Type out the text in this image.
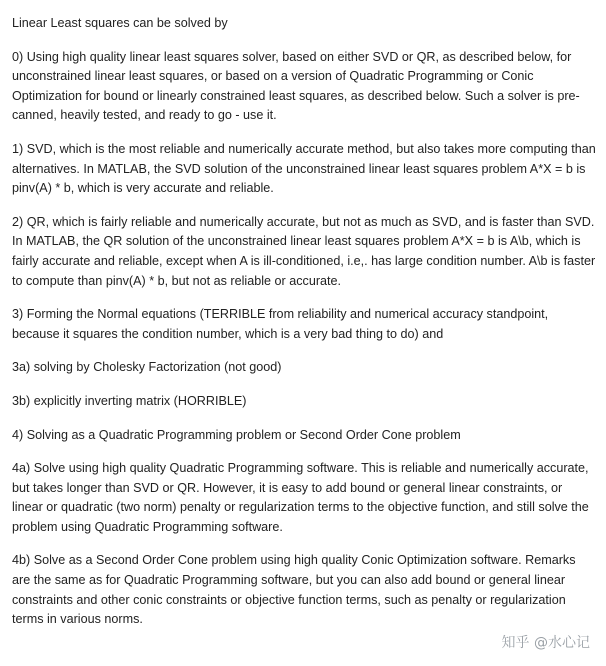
Linear Least squares can be solved by

0) Using high quality linear least squares solver, based on either SVD or QR, as described below, for unconstrained linear least squares, or based on a version of Quadratic Programming or Conic Optimization for bound or linearly constrained least squares, as described below. Such a solver is pre-canned, heavily tested, and ready to go - use it.

1) SVD, which is the most reliable and numerically accurate method, but also takes more computing than alternatives. In MATLAB, the SVD solution of the unconstrained linear least squares problem A*X = b is pinv(A) * b, which is very accurate and reliable.

2) QR, which is fairly reliable and numerically accurate, but not as much as SVD, and is faster than SVD. In MATLAB, the QR solution of the unconstrained linear least squares problem A*X = b is A\b, which is fairly accurate and reliable, except when A is ill-conditioned, i.e,. has large condition number. A\b is faster to compute than pinv(A) * b, but not as reliable or accurate.

3) Forming the Normal equations (TERRIBLE from reliability and numerical accuracy standpoint, because it squares the condition number, which is a very bad thing to do) and

3a) solving by Cholesky Factorization (not good)

3b) explicitly inverting matrix (HORRIBLE)

4) Solving as a Quadratic Programming problem or Second Order Cone problem

4a) Solve using high quality Quadratic Programming software. This is reliable and numerically accurate, but takes longer than SVD or QR. However, it is easy to add bound or general linear constraints, or linear or quadratic (two norm) penalty or regularization terms to the objective function, and still solve the problem using Quadratic Programming software.

4b) Solve as a Second Order Cone problem using high quality Conic Optimization software. Remarks are the same as for Quadratic Programming software, but you can also add bound or general linear constraints and other conic constraints or objective function terms, such as penalty or regularization terms in various norms.

知乎 @水心记
